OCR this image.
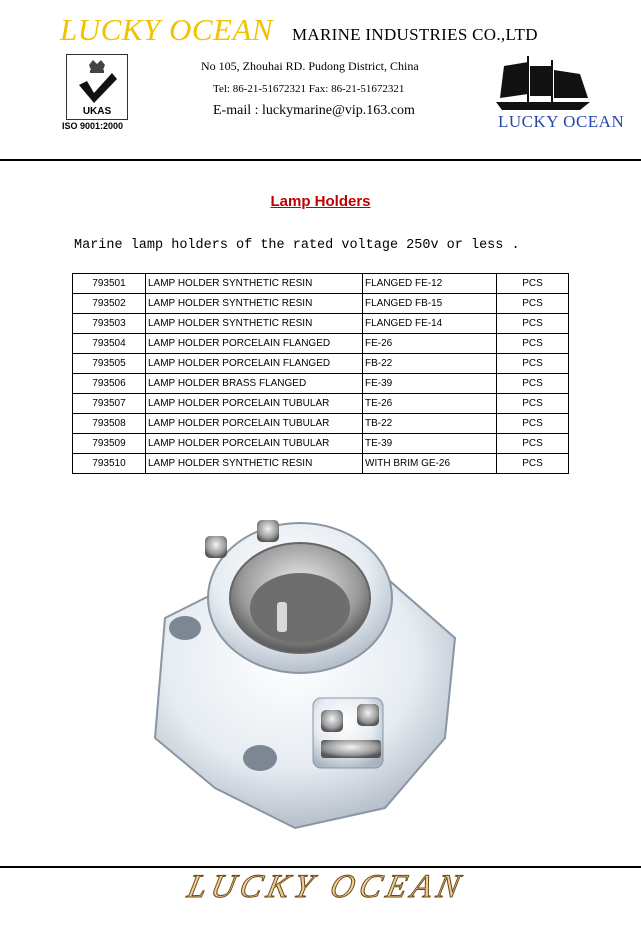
LUCKY OCEAN MARINE INDUSTRIES CO.,LTD
UKAS
ISO 9001:2000
No 105, Zhouhai RD. Pudong District, China
Tel: 86-21-51672321 Fax: 86-21-51672321
E-mail : luckymarine@vip.163.com
LUCKY OCEAN
Lamp Holders
Marine lamp holders of the rated voltage 250v or less .
793501	LAMP HOLDER SYNTHETIC RESIN	FLANGED FE-12	PCS
793502	LAMP HOLDER SYNTHETIC RESIN	FLANGED FB-15	PCS
793503	LAMP HOLDER SYNTHETIC RESIN	FLANGED FE-14	PCS
793504	LAMP HOLDER PORCELAIN FLANGED	FE-26	PCS
793505	LAMP HOLDER PORCELAIN FLANGED	FB-22	PCS
793506	LAMP HOLDER BRASS FLANGED	FE-39	PCS
793507	LAMP HOLDER PORCELAIN TUBULAR	TE-26	PCS
793508	LAMP HOLDER PORCELAIN TUBULAR	TB-22	PCS
793509	LAMP HOLDER PORCELAIN TUBULAR	TE-39	PCS
793510	LAMP HOLDER SYNTHETIC RESIN	WITH BRIM GE-26	PCS
LUCKY OCEAN
